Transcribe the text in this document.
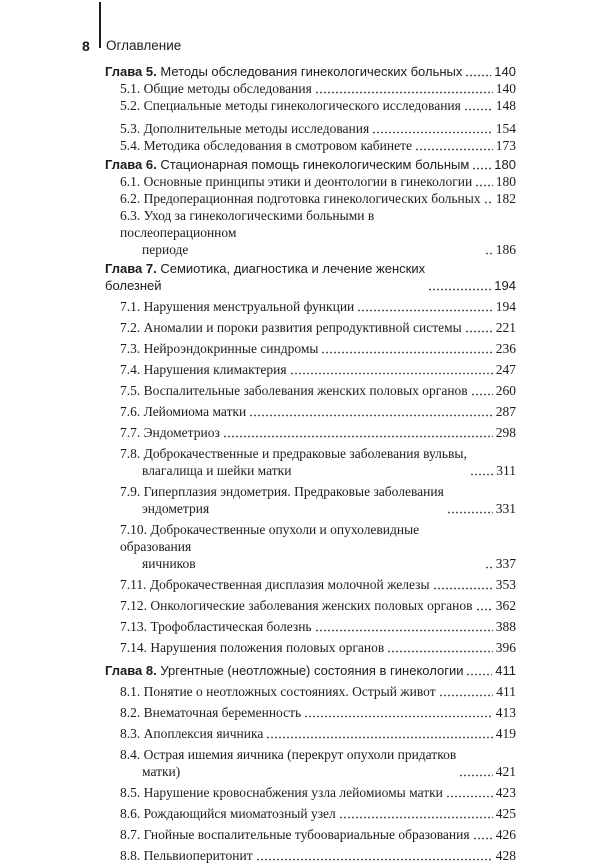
8	Оглавление
Глава 5. Методы обследования гинекологических больных 140
5.1. Общие методы обследования	140
5.2. Специальные методы гинекологического исследования	148
5.3. Дополнительные методы исследования	154
5.4. Методика обследования в смотровом кабинете	173
Глава 6. Стационарная помощь гинекологическим больным 180
6.1. Основные принципы этики и деонтологии в гинекологии 180
6.2. Предоперационная подготовка гинекологических больных 182
6.3. Уход за гинекологическими больными в послеоперационном
периоде	186
Глава 7. Семиотика, диагностика и лечение женских
болезней	194
7.1. Нарушения менструальной функции	194
7.2. Аномалии и пороки развития репродуктивной системы	221
7.3. Нейроэндокринные синдромы	236
7.4. Нарушения климактерия	247
7.5. Воспалительные заболевания женских половых органов 260
7.6. Лейомиома матки	287
7.7. Эндометриоз	298
7.8. Доброкачественные и предраковые заболевания вульвы,
влагалища и шейки матки	311
7.9. Гиперплазия эндометрия. Предраковые заболевания
эндометрия	331
7.10. Доброкачественные опухоли и опухолевидные образования
яичников	337
7.11. Доброкачественная дисплазия молочной железы	353
7.12. Онкологические заболевания женских половых органов 362
7.13. Трофобластическая болезнь	388
7.14. Нарушения положения половых органов	396
Глава 8. Ургентные (неотложные) состояния в гинекологии 411
8.1. Понятие о неотложных состояниях. Острый живот	411
8.2. Внематочная беременность	413
8.3. Апоплексия яичника	419
8.4. Острая ишемия яичника (перекрут опухоли придатков
матки)	421
8.5. Нарушение кровоснабжения узла лейомиомы матки	423
8.6. Рождающийся миоматозный узел	425
8.7. Гнойные воспалительные тубоовариальные образования 426
8.8. Пельвиоперитонит	428
